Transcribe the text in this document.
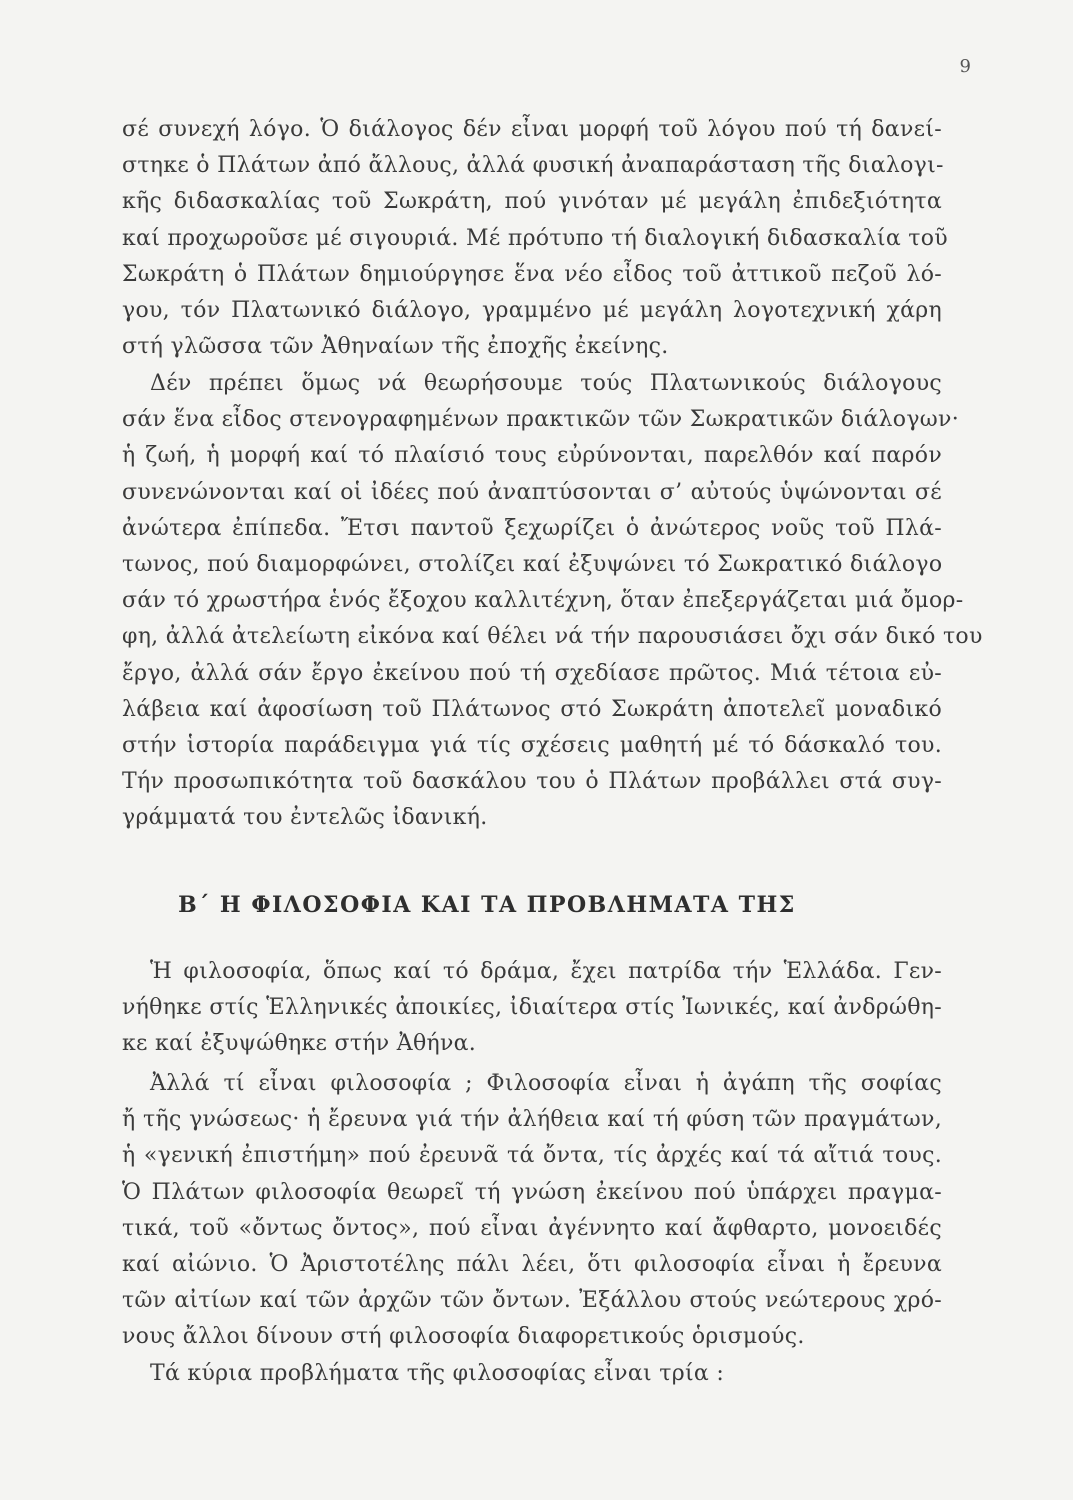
9
σέ συνεχή λόγο. Ὁ διάλογος δέν εἶναι μορφή τοῦ λόγου πού τή δανεί-
στηκε ὁ Πλάτων ἀπό ἄλλους, ἀλλά φυσική ἀναπαράσταση τῆς διαλογι-
κῆς διδασκαλίας τοῦ Σωκράτη, πού γινόταν μέ μεγάλη ἐπιδεξιότητα
καί προχωροῦσε μέ σιγουριά. Μέ πρότυπο τή διαλογική διδασκαλία τοῦ
Σωκράτη ὁ Πλάτων δημιούργησε ἕνα νέο εἶδος τοῦ ἀττικοῦ πεζοῦ λό-
γου, τόν Πλατωνικό διάλογο, γραμμένο μέ μεγάλη λογοτεχνική χάρη
στή γλῶσσα τῶν Ἀθηναίων τῆς ἐποχῆς ἐκείνης.
Δέν πρέπει ὅμως νά θεωρήσουμε τούς Πλατωνικούς διάλογους
σάν ἕνα εἶδος στενογραφημένων πρακτικῶν τῶν Σωκρατικῶν διάλογων·
ἡ ζωή, ἡ μορφή καί τό πλαίσιό τους εὐρύνονται, παρελθόν καί παρόν
συνενώνονται καί οἱ ἰδέες πού ἀναπτύσονται σ’ αὐτούς ὑψώνονται σέ
ἀνώτερα ἐπίπεδα. Ἔτσι παντοῦ ξεχωρίζει ὁ ἀνώτερος νοῦς τοῦ Πλά-
τωνος, πού διαμορφώνει, στολίζει καί ἐξυψώνει τό Σωκρατικό διάλογο
σάν τό χρωστήρα ἑνός ἔξοχου καλλιτέχνη, ὅταν ἐπεξεργάζεται μιά ὄμορ-
φη, ἀλλά ἀτελείωτη εἰκόνα καί θέλει νά τήν παρουσιάσει ὄχι σάν δικό του
ἔργο, ἀλλά σάν ἔργο ἐκείνου πού τή σχεδίασε πρῶτος. Μιά τέτοια εὐ-
λάβεια καί ἀφοσίωση τοῦ Πλάτωνος στό Σωκράτη ἀποτελεῖ μοναδικό
στήν ἱστορία παράδειγμα γιά τίς σχέσεις μαθητή μέ τό δάσκαλό του.
Τήν προσωπικότητα τοῦ δασκάλου του ὁ Πλάτων προβάλλει στά συγ-
γράμματά του ἐντελῶς ἰδανική.
Β΄ Η ΦΙΛΟΣΟΦΙΑ ΚΑΙ ΤΑ ΠΡΟΒΛΗΜΑΤΑ ΤΗΣ
Ἡ φιλοσοφία, ὅπως καί τό δράμα, ἔχει πατρίδα τήν Ἑλλάδα. Γεν-
νήθηκε στίς Ἑλληνικές ἀποικίες, ἰδιαίτερα στίς Ἰωνικές, καί ἀνδρώθη-
κε καί ἐξυψώθηκε στήν Ἀθήνα.
Ἀλλά τί εἶναι φιλοσοφία ; Φιλοσοφία εἶναι ἡ ἀγάπη τῆς σοφίας
ἤ τῆς γνώσεως· ἡ ἔρευνα γιά τήν ἀλήθεια καί τή φύση τῶν πραγμάτων,
ἡ «γενική ἐπιστήμη» πού ἐρευνᾶ τά ὄντα, τίς ἀρχές καί τά αἴτιά τους.
Ὁ Πλάτων φιλοσοφία θεωρεῖ τή γνώση ἐκείνου πού ὑπάρχει πραγμα-
τικά, τοῦ «ὄντως ὄντος», πού εἶναι ἀγέννητο καί ἄφθαρτο, μονοειδές
καί αἰώνιο. Ὁ Ἀριστοτέλης πάλι λέει, ὅτι φιλοσοφία εἶναι ἡ ἔρευνα
τῶν αἰτίων καί τῶν ἀρχῶν τῶν ὄντων. Ἐξάλλου στούς νεώτερους χρό-
νους ἄλλοι δίνουν στή φιλοσοφία διαφορετικούς ὁρισμούς.
Τά κύρια προβλήματα τῆς φιλοσοφίας εἶναι τρία :
